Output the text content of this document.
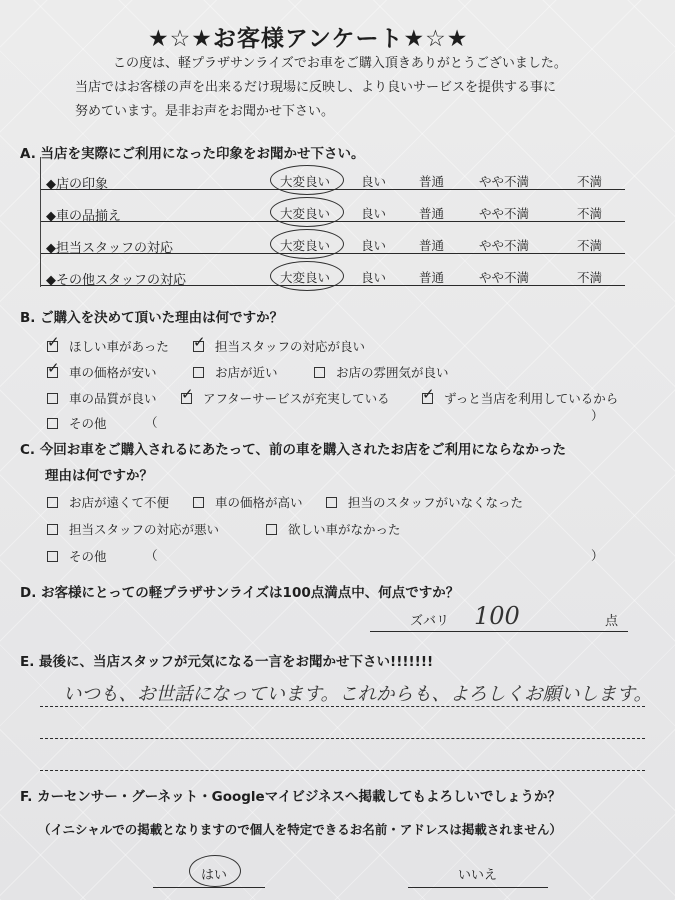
★☆★お客様アンケート★☆★
この度は、軽プラザサンライズでお車をご購入頂きありがとうございました。
当店ではお客様の声を出来るだけ現場に反映し、より良いサービスを提供する事に
努めています。是非お声をお聞かせ下さい。
A. 当店を実際にご利用になった印象をお聞かせ下さい。
◆店の印象	大変良い 良い	普通	やや不満	不満
◆車の品揃え	大変良い 良い	普通	やや不満	不満
◆担当スタッフの対応	大変良い 良い	普通	やや不満	不満
◆その他スタッフの対応	大変良い 良い	普通	やや不満	不満
B. ご購入を決めて頂いた理由は何ですか？
✓ほしい車があった ✓	担当スタッフの対応が良い
✓車の価格が安い	お店が近い	お店の雰囲気が良い
車の品質が良い ✓	アフターサービスが充実している ✓	ずっと当店を利用しているから
その他	（	）
C. 今回お車をご購入されるにあたって、前の車を購入されたお店をご利用にならなかった
理由は何ですか？
お店が遠くて不便	車の価格が高い	担当のスタッフがいなくなった
担当スタッフの対応が悪い	欲しい車がなかった
その他	（	）
D. お客様にとっての軽プラザサンライズは100点満点中、何点ですか？
ズバリ 100	点
E. 最後に、当店スタッフが元気になる一言をお聞かせ下さい!!!!!!!
いつも、お世話になっています。これからも、よろしくお願いします。
F. カーセンサー・グーネット・Googleマイビジネスへ掲載してもよろしいでしょうか？
（イニシャルでの掲載となりますので個人を特定できるお名前・アドレスは掲載されません）
はい	いいえ
